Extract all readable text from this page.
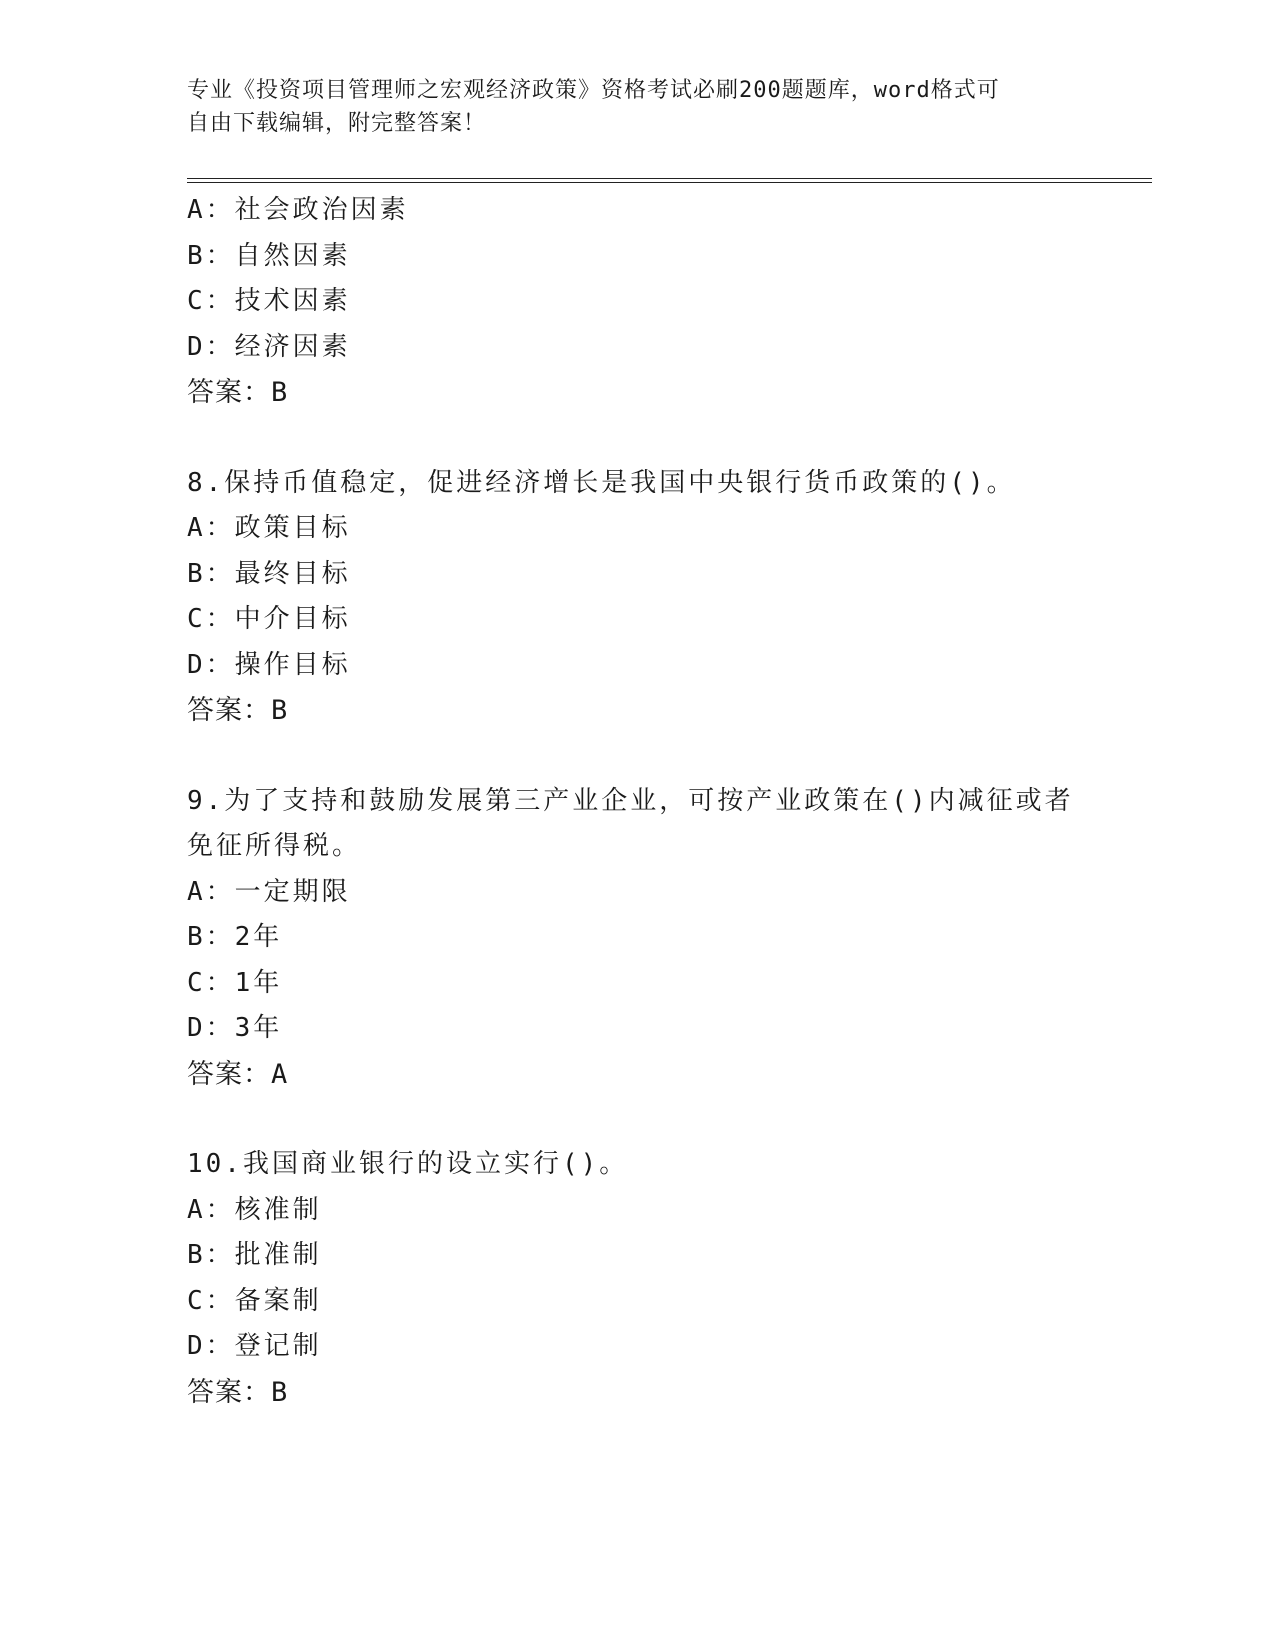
专业《投资项目管理师之宏观经济政策》资格考试必刷200题题库，word格式可
自由下载编辑，附完整答案！
A：社会政治因素
B：自然因素
C：技术因素
D：经济因素
答案：B
8.保持币值稳定，促进经济增长是我国中央银行货币政策的()。
A：政策目标
B：最终目标
C：中介目标
D：操作目标
答案：B
9.为了支持和鼓励发展第三产业企业，可按产业政策在()内减征或者
免征所得税。
A：一定期限
B：2年
C：1年
D：3年
答案：A
10.我国商业银行的设立实行()。
A：核准制
B：批准制
C：备案制
D：登记制
答案：B
